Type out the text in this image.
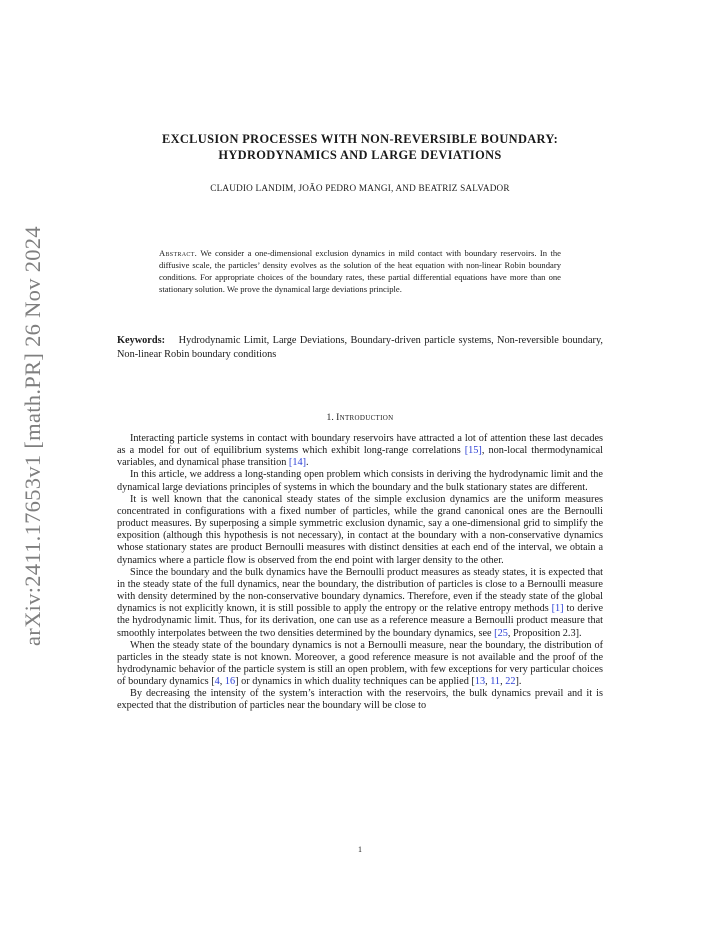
arXiv:2411.17653v1 [math.PR] 26 Nov 2024
EXCLUSION PROCESSES WITH NON-REVERSIBLE BOUNDARY:
HYDRODYNAMICS AND LARGE DEVIATIONS
CLAUDIO LANDIM, JOÃO PEDRO MANGI, AND BEATRIZ SALVADOR

Abstract. We consider a one-dimensional exclusion dynamics in mild contact with boundary reservoirs. In the diffusive scale, the particles’ density evolves as the solution of the heat equation with non-linear Robin boundary conditions. For appropriate choices of the boundary rates, these partial differential equations have more than one stationary solution. We prove the dynamical large deviations principle.

Keywords: Hydrodynamic Limit, Large Deviations, Boundary-driven particle systems, Non-reversible boundary, Non-linear Robin boundary conditions

1. Introduction

Interacting particle systems in contact with boundary reservoirs have attracted a lot of attention these last decades as a model for out of equilibrium systems which exhibit long-range correlations [15], non-local thermodynamical variables, and dynamical phase transition [14].

In this article, we address a long-standing open problem which consists in deriving the hydrodynamic limit and the dynamical large deviations principles of systems in which the boundary and the bulk stationary states are different.

It is well known that the canonical steady states of the simple exclusion dynamics are the uniform measures concentrated in configurations with a fixed number of particles, while the grand canonical ones are the Bernoulli product measures. By superposing a simple symmetric exclusion dynamic, say a one-dimensional grid to simplify the exposition (although this hypothesis is not necessary), in contact at the boundary with a non-conservative dynamics whose stationary states are product Bernoulli measures with distinct densities at each end of the interval, we obtain a dynamics where a particle flow is observed from the end point with larger density to the other.

Since the boundary and the bulk dynamics have the Bernoulli product measures as steady states, it is expected that in the steady state of the full dynamics, near the boundary, the distribution of particles is close to a Bernoulli measure with density determined by the non-conservative boundary dynamics. Therefore, even if the steady state of the global dynamics is not explicitly known, it is still possible to apply the entropy or the relative entropy methods [1] to derive the hydrodynamic limit. Thus, for its derivation, one can use as a reference measure a Bernoulli product measure that smoothly interpolates between the two densities determined by the boundary dynamics, see [25, Proposition 2.3].

When the steady state of the boundary dynamics is not a Bernoulli measure, near the boundary, the distribution of particles in the steady state is not known. Moreover, a good reference measure is not available and the proof of the hydrodynamic behavior of the particle system is still an open problem, with few exceptions for very particular choices of boundary dynamics [4, 16] or dynamics in which duality techniques can be applied [13, 11, 22].

By decreasing the intensity of the system’s interaction with the reservoirs, the bulk dynamics prevail and it is expected that the distribution of particles near the boundary will be close to

1
